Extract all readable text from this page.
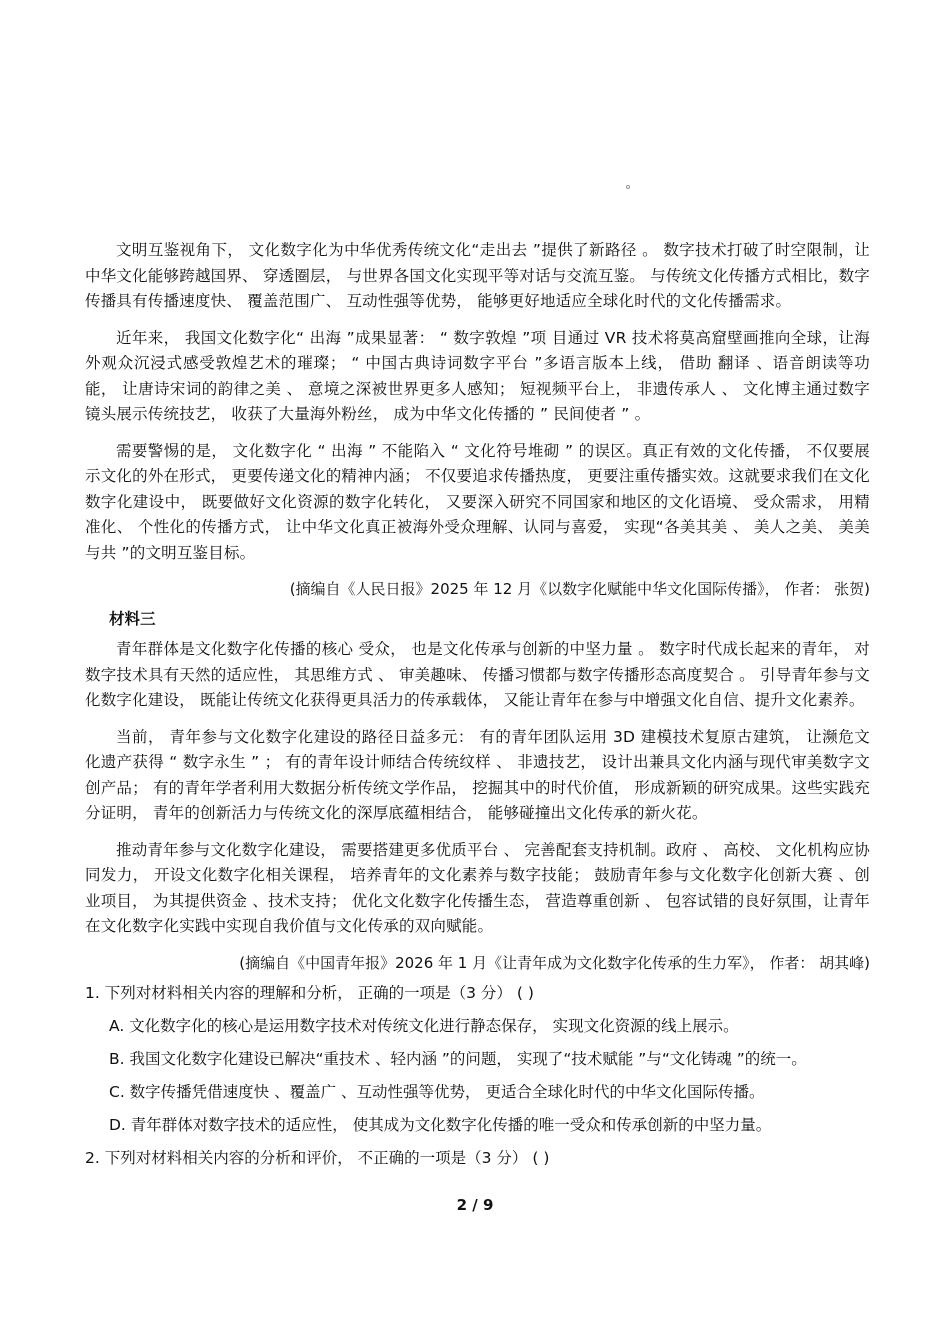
文明互鉴视角下， 文化数字化为中华优秀传统文化“走出去 ”提供了新路径 。 数字技术打破了时空限制，让中华文化能够跨越国界、 穿透圈层， 与世界各国文化实现平等对话与交流互鉴。 与传统文化传播方式相比，数字传播具有传播速度快、 覆盖范围广、 互动性强等优势， 能够更好地适应全球化时代的文化传播需求。

近年来， 我国文化数字化“ 出海 ”成果显著： “ 数字敦煌 ”项 目通过 VR 技术将莫高窟壁画推向全球，让海外观众沉浸式感受敦煌艺术的璀璨； “ 中国古典诗词数字平台 ”多语言版本上线， 借助 翻译 、语音朗读等功能， 让唐诗宋词的韵律之美 、 意境之深被世界更多人感知； 短视频平台上， 非遗传承人 、 文化博主通过数字镜头展示传统技艺， 收获了大量海外粉丝， 成为中华文化传播的 ” 民间使者 ” 。

需要警惕的是， 文化数字化 “ 出海 ” 不能陷入 “ 文化符号堆砌 ” 的误区。真正有效的文化传播， 不仅要展示文化的外在形式， 更要传递文化的精神内涵； 不仅要追求传播热度， 更要注重传播实效。这就要求我们在文化数字化建设中， 既要做好文化资源的数字化转化， 又要深入研究不同国家和地区的文化语境、 受众需求， 用精准化、 个性化的传播方式， 让中华文化真正被海外受众理解、认同与喜爱， 实现“各美其美 、 美人之美、 美美与共 ”的文明互鉴目标。

(摘编自《人民日报》2025 年 12 月《以数字化赋能中华文化国际传播》， 作者： 张贺)
材料三

青年群体是文化数字化传播的核心 受众， 也是文化传承与创新的中坚力量 。 数字时代成长起来的青年， 对数字技术具有天然的适应性， 其思维方式 、 审美趣味、 传播习惯都与数字传播形态高度契合 。 引导青年参与文化数字化建设， 既能让传统文化获得更具活力的传承载体， 又能让青年在参与中增强文化自信、提升文化素养。

当前， 青年参与文化数字化建设的路径日益多元： 有的青年团队运用 3D 建模技术复原古建筑， 让濒危文化遗产获得 “ 数字永生 ” ； 有的青年设计师结合传统纹样 、 非遗技艺， 设计出兼具文化内涵与现代审美数字文创产品； 有的青年学者利用大数据分析传统文学作品， 挖掘其中的时代价值， 形成新颖的研究成果。这些实践充分证明， 青年的创新活力与传统文化的深厚底蕴相结合， 能够碰撞出文化传承的新火花。

推动青年参与文化数字化建设， 需要搭建更多优质平台 、 完善配套支持机制。政府 、 高校、 文化机构应协同发力， 开设文化数字化相关课程， 培养青年的文化素养与数字技能； 鼓励青年参与文化数字化创新大赛 、创业项目， 为其提供资金 、技术支持； 优化文化数字化传播生态， 营造尊重创新 、 包容试错的良好氛围，让青年在文化数字化实践中实现自我价值与文化传承的双向赋能。

(摘编自《中国青年报》2026 年 1 月《让青年成为文化数字化传承的生力军》， 作者： 胡其峰)
1. 下列对材料相关内容的理解和分析， 正确的一项是（3 分） ( )
A. 文化数字化的核心是运用数字技术对传统文化进行静态保存， 实现文化资源的线上展示。
B. 我国文化数字化建设已解决“重技术 、轻内涵 ”的问题， 实现了“技术赋能 ”与“文化铸魂 ”的统一。
C. 数字传播凭借速度快 、覆盖广 、互动性强等优势， 更适合全球化时代的中华文化国际传播。
D. 青年群体对数字技术的适应性， 使其成为文化数字化传播的唯一受众和传承创新的中坚力量。
2. 下列对材料相关内容的分析和评价， 不正确的一项是（3 分） ( )
2 / 9
